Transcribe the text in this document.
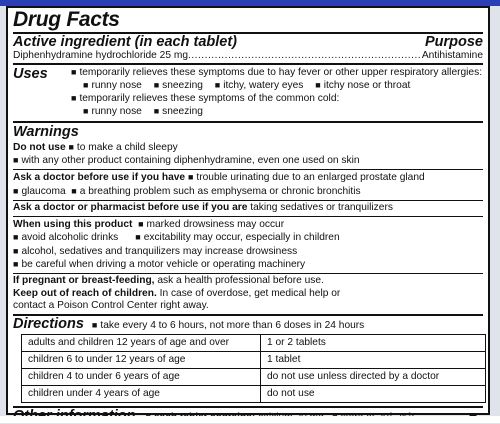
Drug Facts
Active ingredient (in each tablet)	Purpose
Diphenhydramine hydrochloride 25 mg .....	Antihistamine
Uses	■ temporarily relieves these symptoms due to hay fever or other upper respiratory allergies:
■ runny nose ■ sneezing ■ itchy, watery eyes ■ itchy nose or throat
■ temporarily relieves these symptoms of the common cold:
■ runny nose ■ sneezing
Warnings
Do not use ■ to make a child sleepy
■ with any other product containing diphenhydramine, even one used on skin
Ask a doctor before use if you have ■ trouble urinating due to an enlarged prostate gland
■ glaucoma ■ a breathing problem such as emphysema or chronic bronchitis
Ask a doctor or pharmacist before use if you are taking sedatives or tranquilizers
When using this product ■ marked drowsiness may occur
■ avoid alcoholic drinks ■ excitability may occur, especially in children
■ alcohol, sedatives and tranquilizers may increase drowsiness
■ be careful when driving a motor vehicle or operating machinery
If pregnant or breast-feeding, ask a health professional before use.
Keep out of reach of children. In case of overdose, get medical help or contact a Poison Control Center right away.
Directions ■ take every 4 to 6 hours, not more than 6 doses in 24 hours
adults and children 12 years of age and over	1 or 2 tablets
children 6 to under 12 years of age	1 tablet
children 4 to under 6 years of age	do not use unless directed by a doctor
children under 4 years of age	do not use
